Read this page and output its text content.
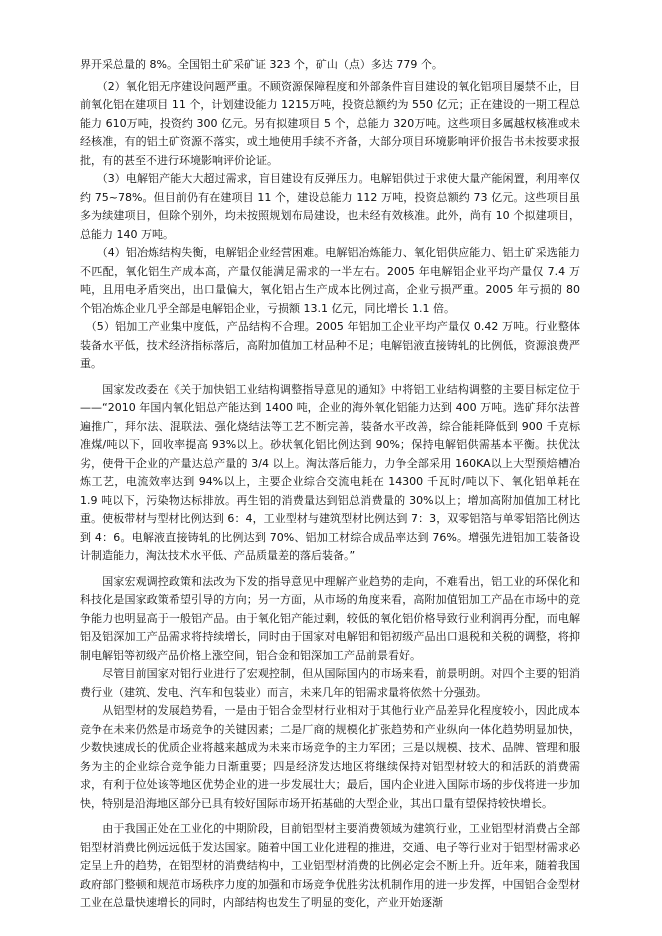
界开采总量的 8%。全国铝土矿采矿证 323 个，矿山（点）多达 779 个。

　　（2）氧化铝无序建设问题严重。不顾资源保障程度和外部条件盲目建设的氧化铝项目屡禁不止，目前氧化铝在建项目 11 个，计划建设能力 1215万吨，投资总额约为 550 亿元；正在建设的一期工程总能力 610万吨，投资约 300 亿元。另有拟建项目 5 个，总能力 320万吨。这些项目多属越权核准或未经核准，有的铝土矿资源不落实，或土地使用手续不齐备，大部分项目环境影响评价报告书未按要求报批，有的甚至不进行环境影响评价论证。

　　（3）电解铝产能大大超过需求，盲目建设有反弹压力。电解铝供过于求使大量产能闲置，利用率仅约 75~78%。但目前仍有在建项目 11 个，建设总能力 112 万吨，投资总额约 73 亿元。这些项目虽多为续建项目，但除个别外，均未按照规划布局建设，也未经有效核准。此外，尚有 10 个拟建项目，总能力 140 万吨。

　　（4）铝冶炼结构失衡，电解铝企业经营困难。电解铝冶炼能力、氧化铝供应能力、铝土矿采选能力不匹配，氧化铝生产成本高，产量仅能满足需求的一半左右。2005 年电解铝企业平均产量仅 7.4 万吨，且用电矛盾突出，出口量偏大，氧化铝占生产成本比例过高，企业亏损严重。2005 年亏损的 80 个铝冶炼企业几乎全部是电解铝企业，亏损额 13.1 亿元，同比增长 1.1 倍。

　（5）铝加工产业集中度低，产品结构不合理。2005 年铝加工企业平均产量仅 0.42 万吨。行业整体装备水平低，技术经济指标落后，高附加值加工材品种不足；电解铝液直接铸轧的比例低，资源浪费严重。

　　国家发改委在《关于加快铝工业结构调整指导意见的通知》中将铝工业结构调整的主要目标定位于——“2010 年国内氧化铝总产能达到 1400 吨，企业的海外氧化铝能力达到 400 万吨。选矿拜尔法普遍推广，拜尔法、混联法、强化烧结法等工艺不断完善，装备水平改善，综合能耗降低到 900 千克标准煤/吨以下，回收率提高 93%以上。砂状氧化铝比例达到 90%；保持电解铝供需基本平衡。扶优汰劣，使骨干企业的产量达总产量的 3/4 以上。淘汰落后能力，力争全部采用 160KA以上大型预焙槽冶炼工艺，电流效率达到 94%以上，主要企业综合交流电耗在 14300 千瓦时/吨以下、氧化铝单耗在 1.9 吨以下，污染物达标排放。再生铝的消费量达到铝总消费量的 30%以上；增加高附加值加工材比重。使板带材与型材比例达到 6：4，工业型材与建筑型材比例达到 7：3，双零铝箔与单零铝箔比例达到 4：6。电解液直接铸轧的比例达到 70%、铝加工材综合成品率达到 76%。增强先进铝加工装备设计制造能力，淘汰技术水平低、产品质量差的落后装备。”

　　国家宏观调控政策和法改为下发的指导意见中理解产业趋势的走向，不难看出，铝工业的环保化和科技化是国家政策希望引导的方向；另一方面，从市场的角度来看，高附加值铝加工产品在市场中的竞争能力也明显高于一般铝产品。由于氧化铝产能过剩，较低的氧化铝价格导致行业利润再分配，而电解铝及铝深加工产品需求将持续增长，同时由于国家对电解铝和铝初级产品出口退税和关税的调整，将抑制电解铝等初级产品价格上涨空间，铝合金和铝深加工产品前景看好。

　　尽管目前国家对铝行业进行了宏观控制，但从国际国内的市场来看，前景明朗。对四个主要的铝消费行业（建筑、发电、汽车和包装业）而言，未来几年的铝需求量将依然十分强劲。

　　从铝型材的发展趋势看，一是由于铝合金型材行业相对于其他行业产品差异化程度较小，因此成本竞争在未来仍然是市场竞争的关键因素；二是厂商的规模化扩张趋势和产业纵向一体化趋势明显加快，少数快速成长的优质企业将越来越成为未来市场竞争的主力军团；三是以规模、技术、品牌、管理和服务为主的企业综合竞争能力日渐重要；四是经济发达地区将继续保持对铝型材较大的和活跃的消费需求，有利于位处该等地区优势企业的进一步发展壮大；最后，国内企业进入国际市场的步伐将进一步加快，特别是沿海地区部分已具有较好国际市场开拓基础的大型企业，其出口量有望保持较快增长。

　　由于我国正处在工业化的中期阶段，目前铝型材主要消费领域为建筑行业，工业铝型材消费占全部铝型材消费比例远远低于发达国家。随着中国工业化进程的推进，交通、电子等行业对于铝型材需求必定呈上升的趋势，在铝型材的消费结构中，工业铝型材消费的比例必定会不断上升。近年来，随着我国政府部门整顿和规范市场秩序力度的加强和市场竞争优胜劣汰机制作用的进一步发挥，中国铝合金型材工业在总量快速增长的同时，内部结构也发生了明显的变化，产业开始逐渐
